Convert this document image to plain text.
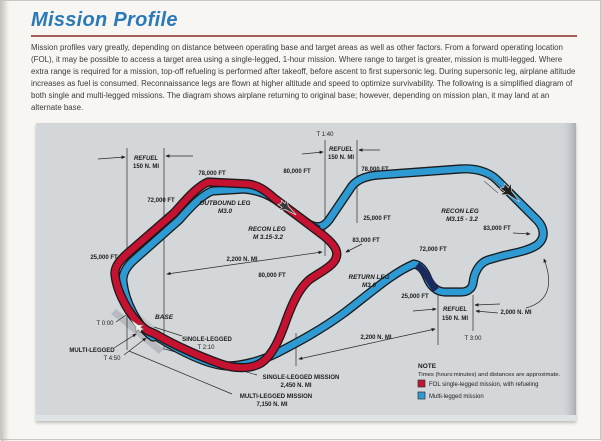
Mission Profile
Mission profiles vary greatly, depending on distance between operating base and target areas as well as other factors. From a forward operating location (FOL), it may be possible to access a target area using a single-legged, 1-hour mission. Where range to target is greater, mission is multi-legged. Where extra range is required for a mission, top-off refueling is performed after takeoff, before ascent to first supersonic leg. During supersonic leg, airplane altitude increases as fuel is consumed. Reconnaissance legs are flown at higher altitude and speed to optimize survivability. The following is a simplified diagram of both single and multi-legged missions. The diagram shows airplane returning to original base; however, depending on mission plan, it may land at an alternate base.
T 1:40
T 0:00
T 3:00
REFUEL
150 N. MI
REFUEL
150 N. MI
REFUEL
150 N. MI
78,000 FT
72,000 FT
80,000 FT	78,000 FT
83,000 FT
83,000 FT
72,000 FT
25,000 FT
25,000 FT
25,000 FT
80,000 FT
OUTBOUND LEG
M3.0
RECON LEG
M 3.15-3.2
RECON LEG
M3.15 - 3.2
RETURN LEG
M3.0
2,200 N. MI
2,200 N. MI
2,000 N. MI
BASE
SINGLE-LEGGED
T 2:10
MULTI-LEGGED
T 4:50
SINGLE-LEGGED MISSION
2,450 N. MI
MULTI-LEGGED MISSION
7,150 N. MI
NOTE
Times (hours:minutes) and distances are approximate.
FOL single-legged mission, with refueling
Multi-legged mission
